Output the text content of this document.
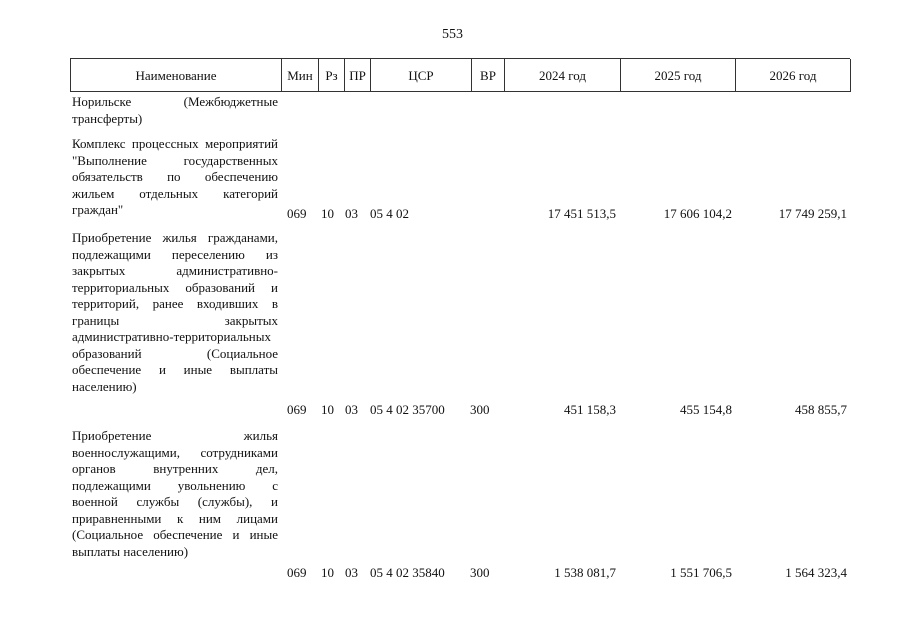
553
Наименование	Мин Рз ПР	ЦСР	ВР	2024 год	2025 год	2026 год
Норильске (Межбюджетные трансферты)
Комплекс процессных мероприятий "Выполнение государственных обязательств по обеспечению жильем отдельных категорий граждан"	069 10 03 05 4 02	17 451 513,5	17 606 104,2	17 749 259,1
Приобретение жилья гражданами, подлежащими переселению из закрытых административно-территориальных образований и территорий, ранее входивших в границы закрытых административно-территориальных образований (Социальное обеспечение и иные выплаты населению)
069 10 03 05 4 02 35700 300	451 158,3	455 154,8	458 855,7
Приобретение жилья военнослужащими, сотрудниками органов внутренних дел, подлежащими увольнению с военной службы (службы), и приравненными к ним лицами (Социальное обеспечение и иные выплаты населению)
069 10 03 05 4 02 35840 300	1 538 081,7	1 551 706,5	1 564 323,4
